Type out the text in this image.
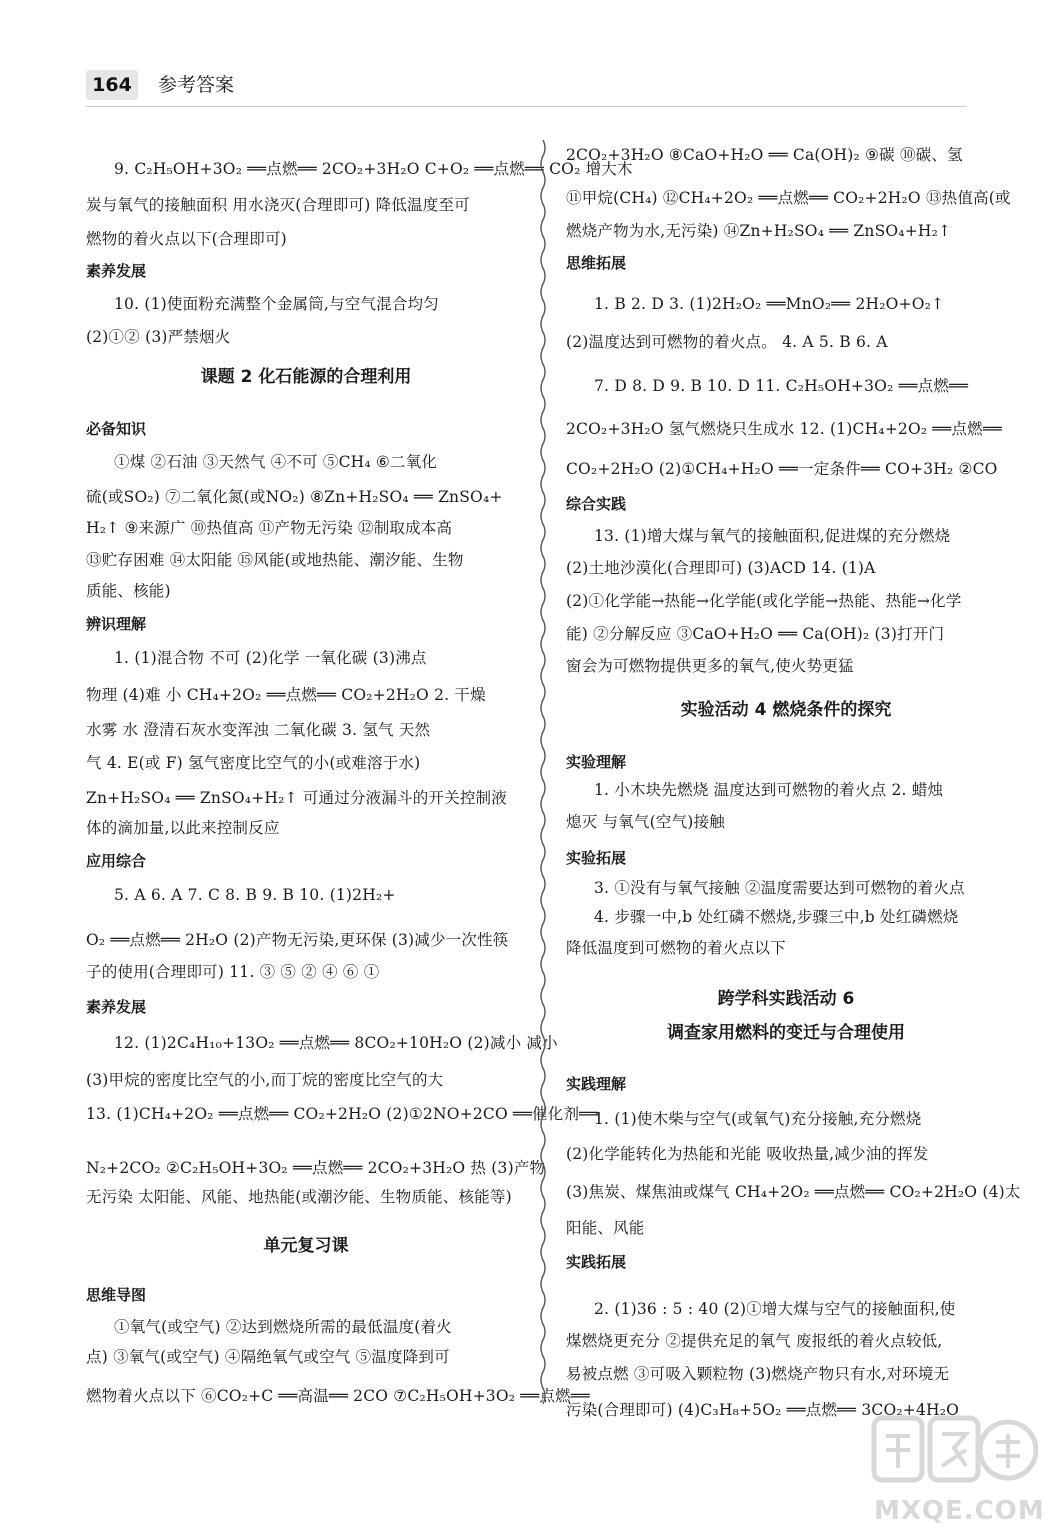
164	参考答案
9. C₂H₅OH+3O₂ ══点燃══ 2CO₂+3H₂O C+O₂ ══点燃══ CO₂ 增大木
炭与氧气的接触面积 用水浇灭(合理即可) 降低温度至可
燃物的着火点以下(合理即可)
素养发展
10. (1)使面粉充满整个金属筒,与空气混合均匀
(2)①② (3)严禁烟火
课题 2 化石能源的合理利用
必备知识
①煤 ②石油 ③天然气 ④不可 ⑤CH₄ ⑥二氧化
硫(或SO₂) ⑦二氧化氮(或NO₂) ⑧Zn+H₂SO₄ ══ ZnSO₄+
H₂↑ ⑨来源广 ⑩热值高 ⑪产物无污染 ⑫制取成本高
⑬贮存困难 ⑭太阳能 ⑮风能(或地热能、潮汐能、生物
质能、核能)
辨识理解
1. (1)混合物 不可 (2)化学 一氧化碳 (3)沸点
物理 (4)难 小 CH₄+2O₂ ══点燃══ CO₂+2H₂O 2. 干燥
水雾 水 澄清石灰水变浑浊 二氧化碳 3. 氢气 天然
气 4. E(或 F) 氢气密度比空气的小(或难溶于水)
Zn+H₂SO₄ ══ ZnSO₄+H₂↑ 可通过分液漏斗的开关控制液
体的滴加量,以此来控制反应
应用综合
5. A 6. A 7. C 8. B 9. B 10. (1)2H₂+
O₂ ══点燃══ 2H₂O (2)产物无污染,更环保 (3)减少一次性筷
子的使用(合理即可) 11. ③ ⑤ ② ④ ⑥ ①
素养发展
12. (1)2C₄H₁₀+13O₂ ══点燃══ 8CO₂+10H₂O (2)减小 减小
(3)甲烷的密度比空气的小,而丁烷的密度比空气的大
13. (1)CH₄+2O₂ ══点燃══ CO₂+2H₂O (2)①2NO+2CO ══催化剂══
N₂+2CO₂ ②C₂H₅OH+3O₂ ══点燃══ 2CO₂+3H₂O 热 (3)产物
无污染 太阳能、风能、地热能(或潮汐能、生物质能、核能等)
单元复习课
思维导图
①氧气(或空气) ②达到燃烧所需的最低温度(着火
点) ③氧气(或空气) ④隔绝氧气或空气 ⑤温度降到可
燃物着火点以下 ⑥CO₂+C ══高温══ 2CO ⑦C₂H₅OH+3O₂ ══点燃══
2CO₂+3H₂O ⑧CaO+H₂O ══ Ca(OH)₂ ⑨碳 ⑩碳、氢
⑪甲烷(CH₄) ⑫CH₄+2O₂ ══点燃══ CO₂+2H₂O ⑬热值高(或
燃烧产物为水,无污染) ⑭Zn+H₂SO₄ ══ ZnSO₄+H₂↑
思维拓展
1. B 2. D 3. (1)2H₂O₂ ══MnO₂══ 2H₂O+O₂↑
(2)温度达到可燃物的着火点。 4. A 5. B 6. A
7. D 8. D 9. B 10. D 11. C₂H₅OH+3O₂ ══点燃══
2CO₂+3H₂O 氢气燃烧只生成水 12. (1)CH₄+2O₂ ══点燃══
CO₂+2H₂O (2)①CH₄+H₂O ══一定条件══ CO+3H₂ ②CO
综合实践
13. (1)增大煤与氧气的接触面积,促进煤的充分燃烧
(2)土地沙漠化(合理即可) (3)ACD 14. (1)A
(2)①化学能→热能→化学能(或化学能→热能、热能→化学
能) ②分解反应 ③CaO+H₂O ══ Ca(OH)₂ (3)打开门
窗会为可燃物提供更多的氧气,使火势更猛
实验活动 4 燃烧条件的探究
实验理解
1. 小木块先燃烧 温度达到可燃物的着火点 2. 蜡烛
熄灭 与氧气(空气)接触
实验拓展
3. ①没有与氧气接触 ②温度需要达到可燃物的着火点
4. 步骤一中,b 处红磷不燃烧,步骤三中,b 处红磷燃烧
降低温度到可燃物的着火点以下
跨学科实践活动 6
调查家用燃料的变迁与合理使用
实践理解
1. (1)使木柴与空气(或氧气)充分接触,充分燃烧
(2)化学能转化为热能和光能 吸收热量,减少油的挥发
(3)焦炭、煤焦油或煤气 CH₄+2O₂ ══点燃══ CO₂+2H₂O (4)太
阳能、风能
实践拓展
2. (1)36 : 5 : 40 (2)①增大煤与空气的接触面积,使
煤燃烧更充分 ②提供充足的氧气 废报纸的着火点较低,
易被点燃 ③可吸入颗粒物 (3)燃烧产物只有水,对环境无
污染(合理即可) (4)C₃H₈+5O₂ ══点燃══ 3CO₂+4H₂O
MXQE.COM
